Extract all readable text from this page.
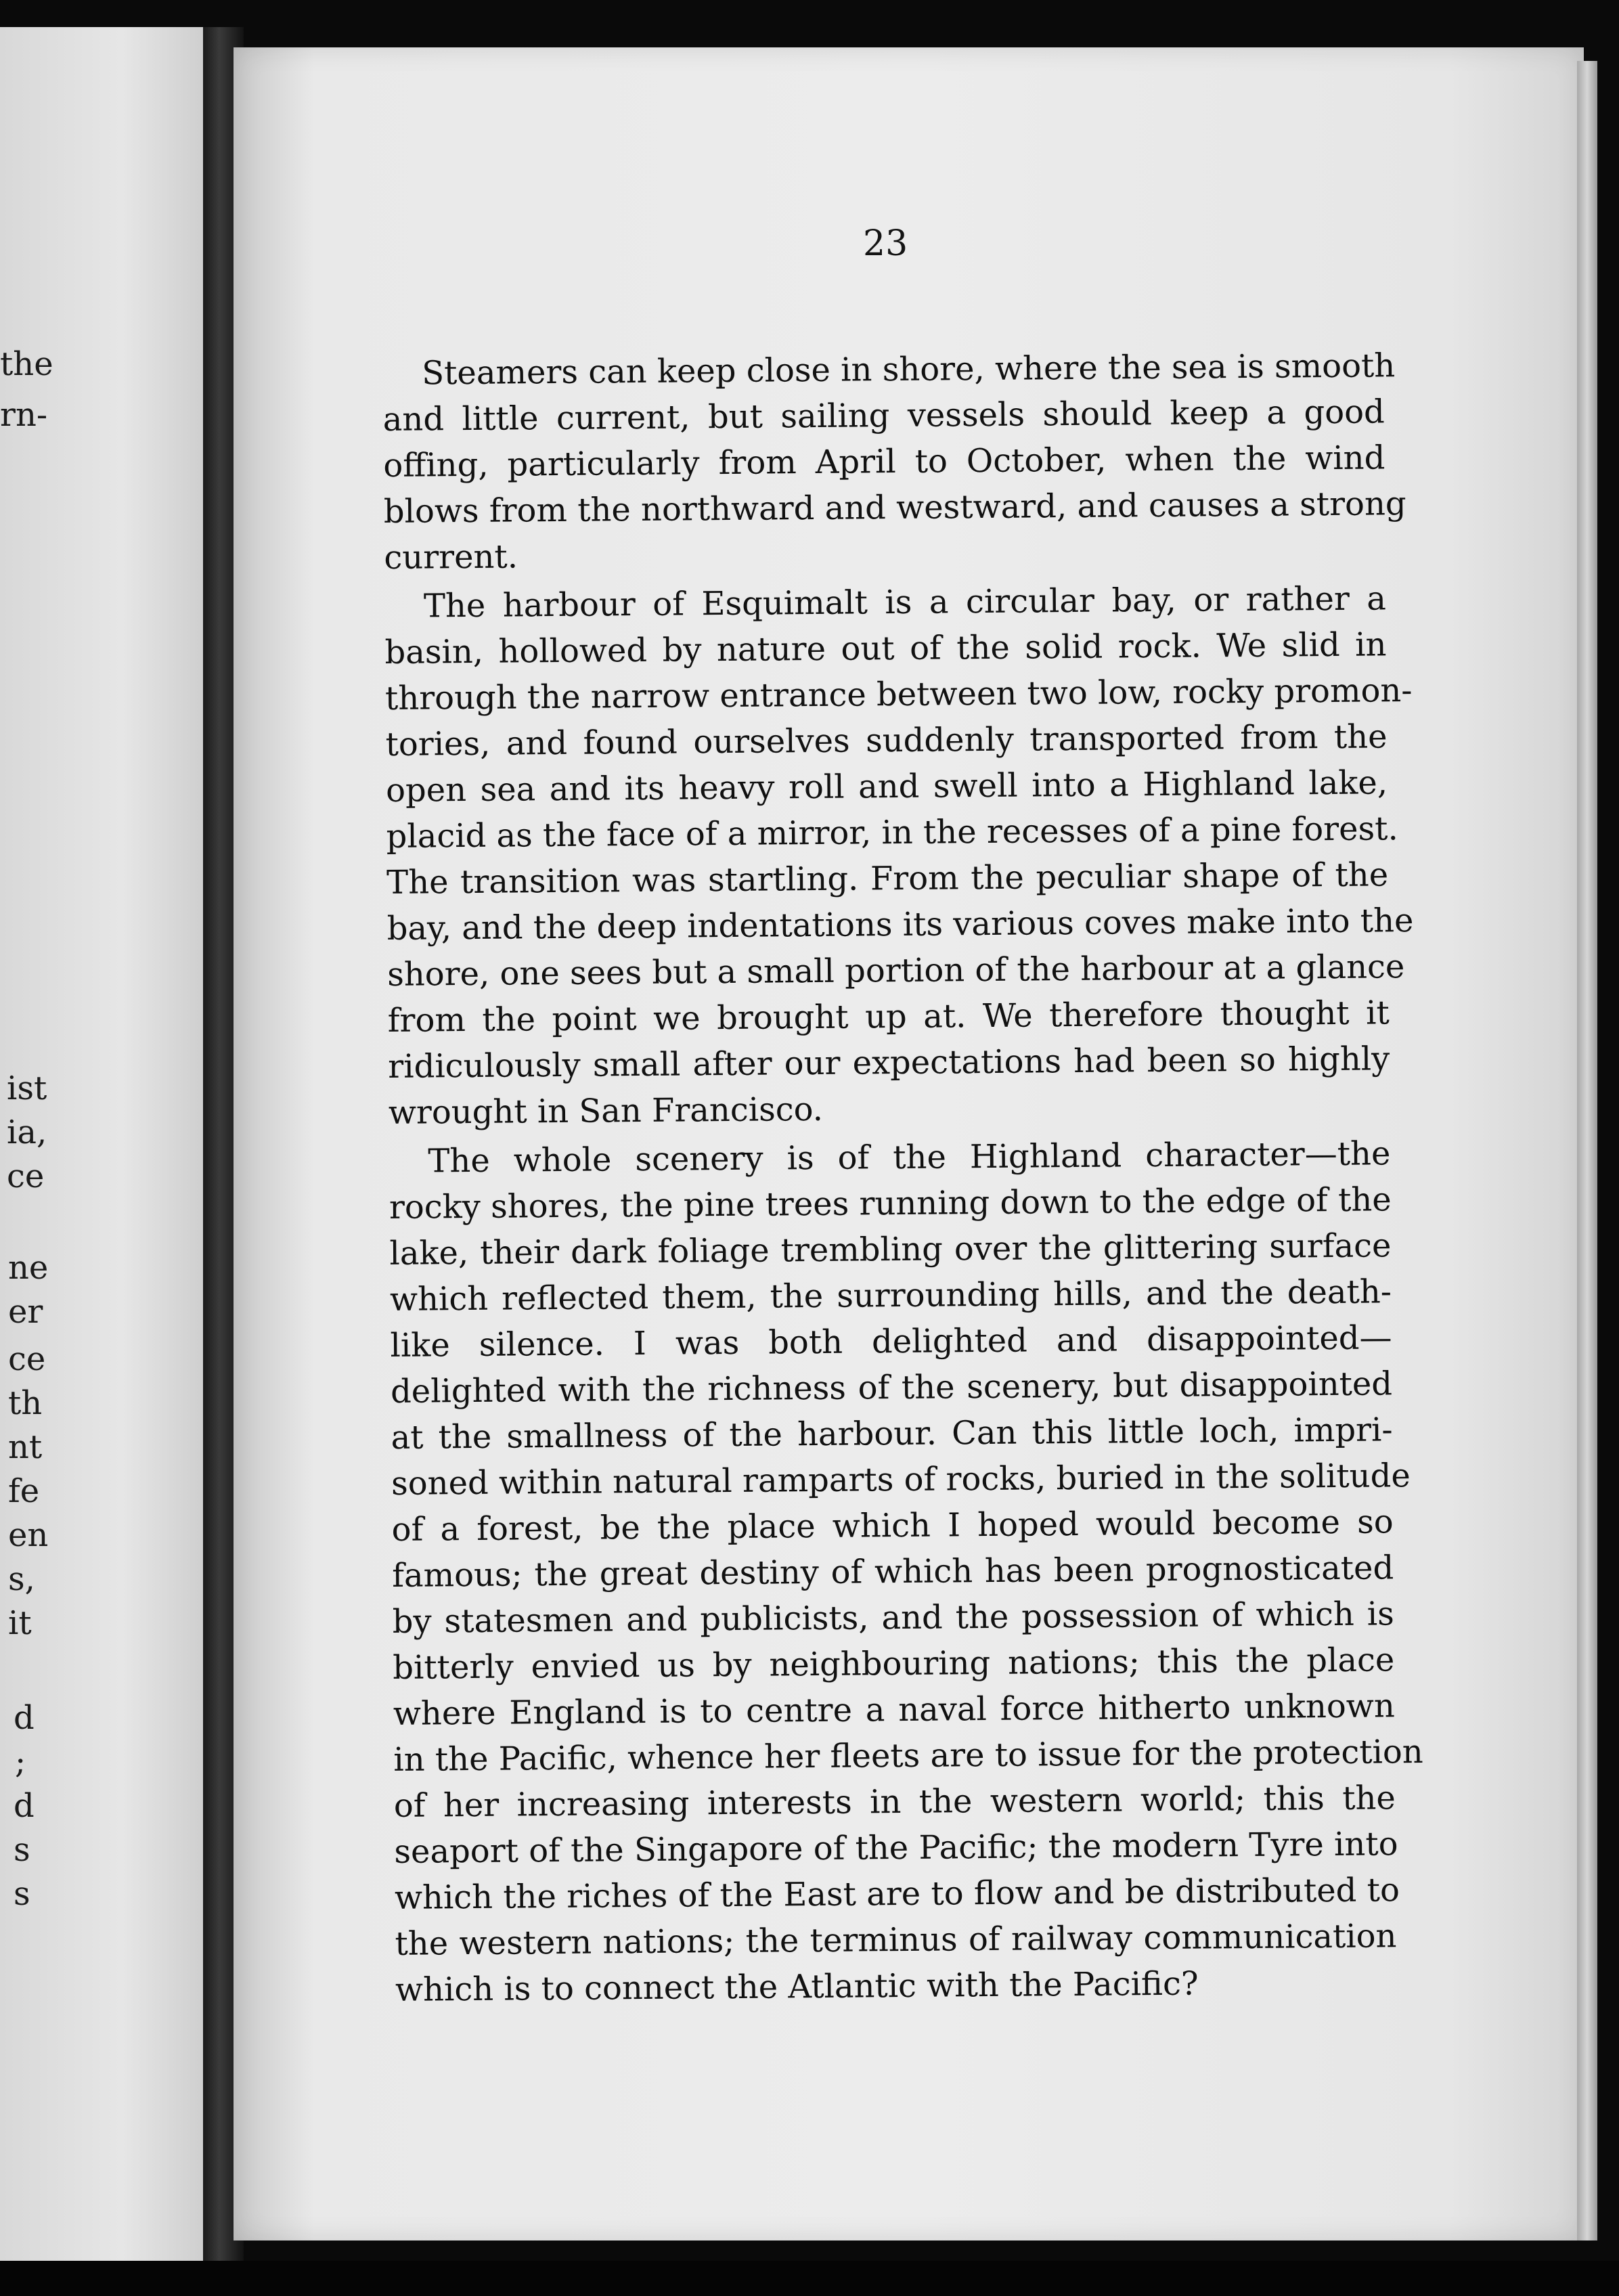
the
rn-
ist
ia,
ce
ne
er
ce
th
nt
fe
en
s,
it
d
;
d
s
s
23
Steamers can keep close in shore, where the sea is smooth
and little current, but sailing vessels should keep a good
offing, particularly from April to October, when the wind
blows from the northward and westward, and causes a strong
current.
The harbour of Esquimalt is a circular bay, or rather a
basin, hollowed by nature out of the solid rock. We slid in
through the narrow entrance between two low, rocky promon-
tories, and found ourselves suddenly transported from the
open sea and its heavy roll and swell into a Highland lake,
placid as the face of a mirror, in the recesses of a pine forest.
The transition was startling. From the peculiar shape of the
bay, and the deep indentations its various coves make into the
shore, one sees but a small portion of the harbour at a glance
from the point we brought up at. We therefore thought it
ridiculously small after our expectations had been so highly
wrought in San Francisco.
The whole scenery is of the Highland character—the
rocky shores, the pine trees running down to the edge of the
lake, their dark foliage trembling over the glittering surface
which reflected them, the surrounding hills, and the death-
like silence. I was both delighted and disappointed—
delighted with the richness of the scenery, but disappointed
at the smallness of the harbour. Can this little loch, impri-
soned within natural ramparts of rocks, buried in the solitude
of a forest, be the place which I hoped would become so
famous; the great destiny of which has been prognosticated
by statesmen and publicists, and the possession of which is
bitterly envied us by neighbouring nations; this the place
where England is to centre a naval force hitherto unknown
in the Pacific, whence her fleets are to issue for the protection
of her increasing interests in the western world; this the
seaport of the Singapore of the Pacific; the modern Tyre into
which the riches of the East are to flow and be distributed to
the western nations; the terminus of railway communication
which is to connect the Atlantic with the Pacific?
